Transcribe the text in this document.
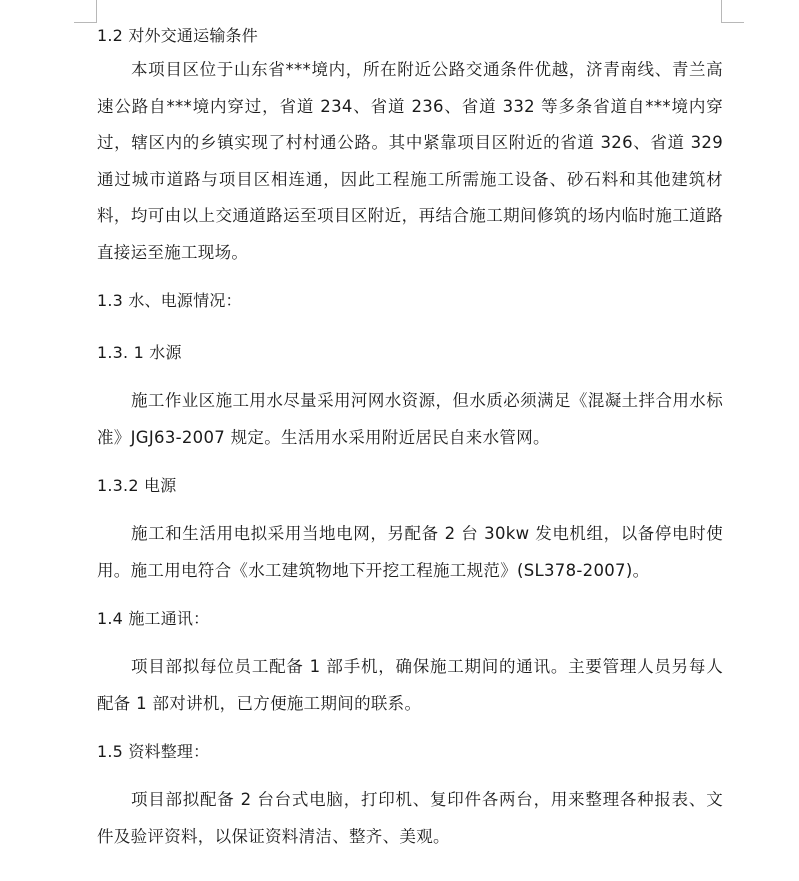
1.2 对外交通运输条件

本项目区位于山东省***境内，所在附近公路交通条件优越，济青南线、青兰高速公路自***境内穿过，省道 234、省道 236、省道 332 等多条省道自***境内穿过，辖区内的乡镇实现了村村通公路。其中紧靠项目区附近的省道 326、省道 329 通过城市道路与项目区相连通，因此工程施工所需施工设备、砂石料和其他建筑材料，均可由以上交通道路运至项目区附近，再结合施工期间修筑的场内临时施工道路直接运至施工现场。

1.3 水、电源情况：
1.3. 1 水源

施工作业区施工用水尽量采用河网水资源，但水质必须满足《混凝土拌合用水标准》JGJ63-2007 规定。生活用水采用附近居民自来水管网。

1.3.2 电源

施工和生活用电拟采用当地电网，另配备 2 台 30kw 发电机组，以备停电时使用。施工用电符合《水工建筑物地下开挖工程施工规范》(SL378-2007)。

1.4 施工通讯：

项目部拟每位员工配备 1 部手机，确保施工期间的通讯。主要管理人员另每人配备 1 部对讲机，已方便施工期间的联系。

1.5 资料整理：

项目部拟配备 2 台台式电脑，打印机、复印件各两台，用来整理各种报表、文件及验评资料，以保证资料清洁、整齐、美观。
